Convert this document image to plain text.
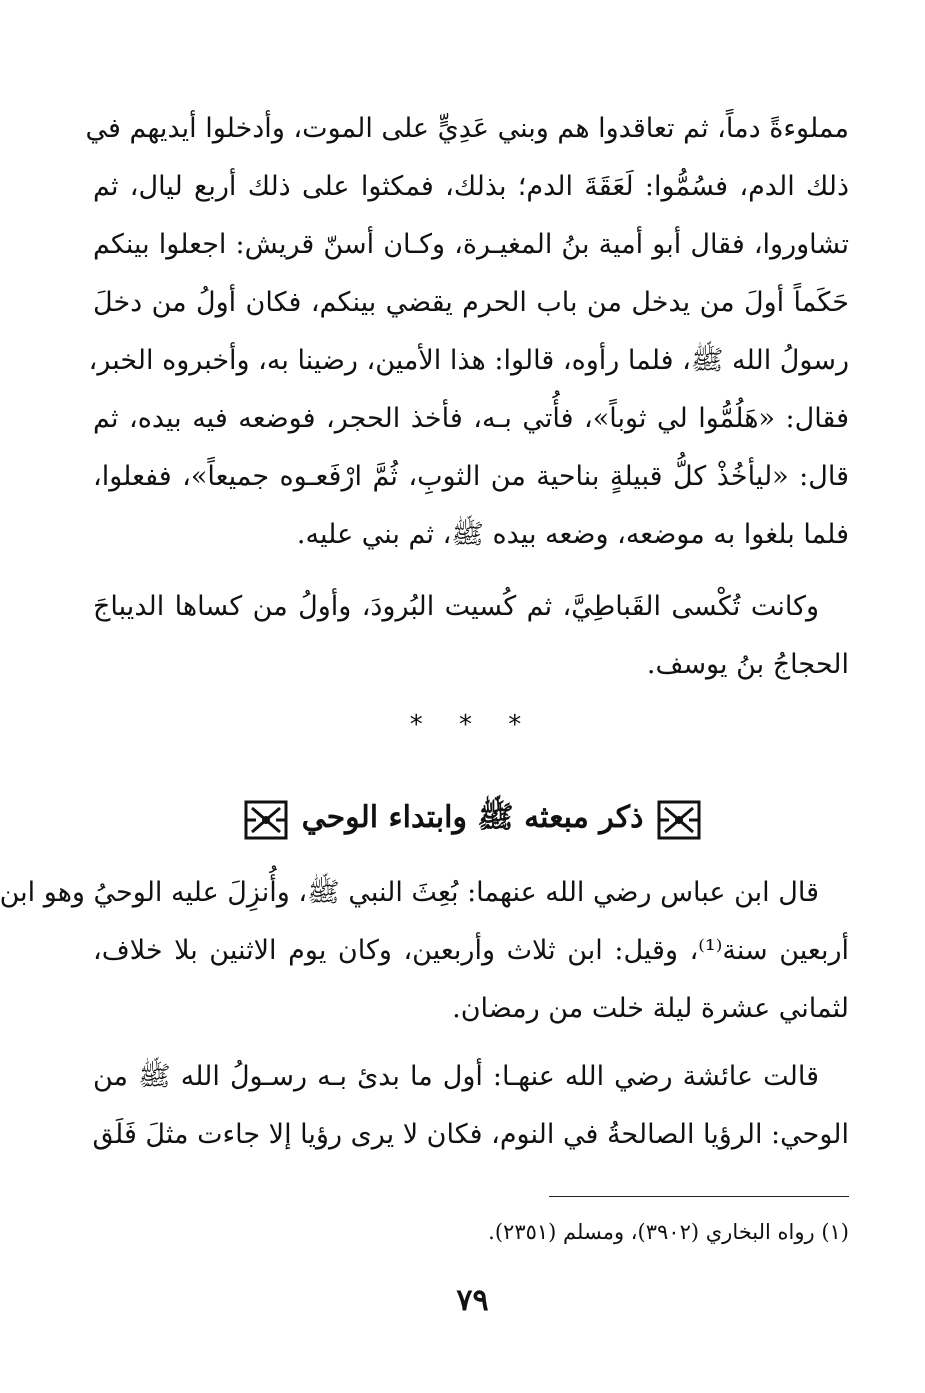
مملوءةً دماً، ثم تعاقدوا هم وبني عَدِيٍّ على الموت، وأدخلوا أيديهم في
ذلك الدم، فسُمُّوا: لَعَقَةَ الدم؛ بذلك، فمكثوا على ذلك أربع ليال، ثم
تشاوروا، فقال أبو أمية بنُ المغيـرة، وكـان أسنّ قريش: اجعلوا بينكم
حَكَماً أولَ من يدخل من باب الحرم يقضي بينكم، فكان أولُ من دخلَ
رسولُ الله ﷺ، فلما رأوه، قالوا: هذا الأمين، رضينا به، وأخبروه الخبر،
فقال: «هَلُمُّوا لي ثوباً»، فأُتي بـه، فأخذ الحجر، فوضعه فيه بيده، ثم
قال: «ليأخُذْ كلُّ قبيلةٍ بناحية من الثوبِ، ثُمَّ ارْفَعـوه جميعاً»، ففعلوا،
فلما بلغوا به موضعه، وضعه بيده ﷺ، ثم بني عليه.
وكانت تُكْسى القَباطِيَّ، ثم كُسيت البُرودَ، وأولُ من كساها الديباجَ
الحجاجُ بنُ يوسف.
* * *
ذكر مبعثه ﷺ وابتداء الوحي
قال ابن عباس رضي الله عنهما: بُعِثَ النبي ﷺ، وأُنزِلَ عليه الوحيُ وهو ابن
أربعين سنة⁽¹⁾، وقيل: ابن ثلاث وأربعين، وكان يوم الاثنين بلا خلاف،
لثماني عشرة ليلة خلت من رمضان.
قالت عائشة رضي الله عنهـا: أول ما بدئ بـه رسـولُ الله ﷺ من
الوحي: الرؤيا الصالحةُ في النوم، فكان لا يرى رؤيا إلا جاءت مثلَ فَلَق
(١) رواه البخاري (٣٩٠٢)، ومسلم (٢٣٥١).
٧٩
